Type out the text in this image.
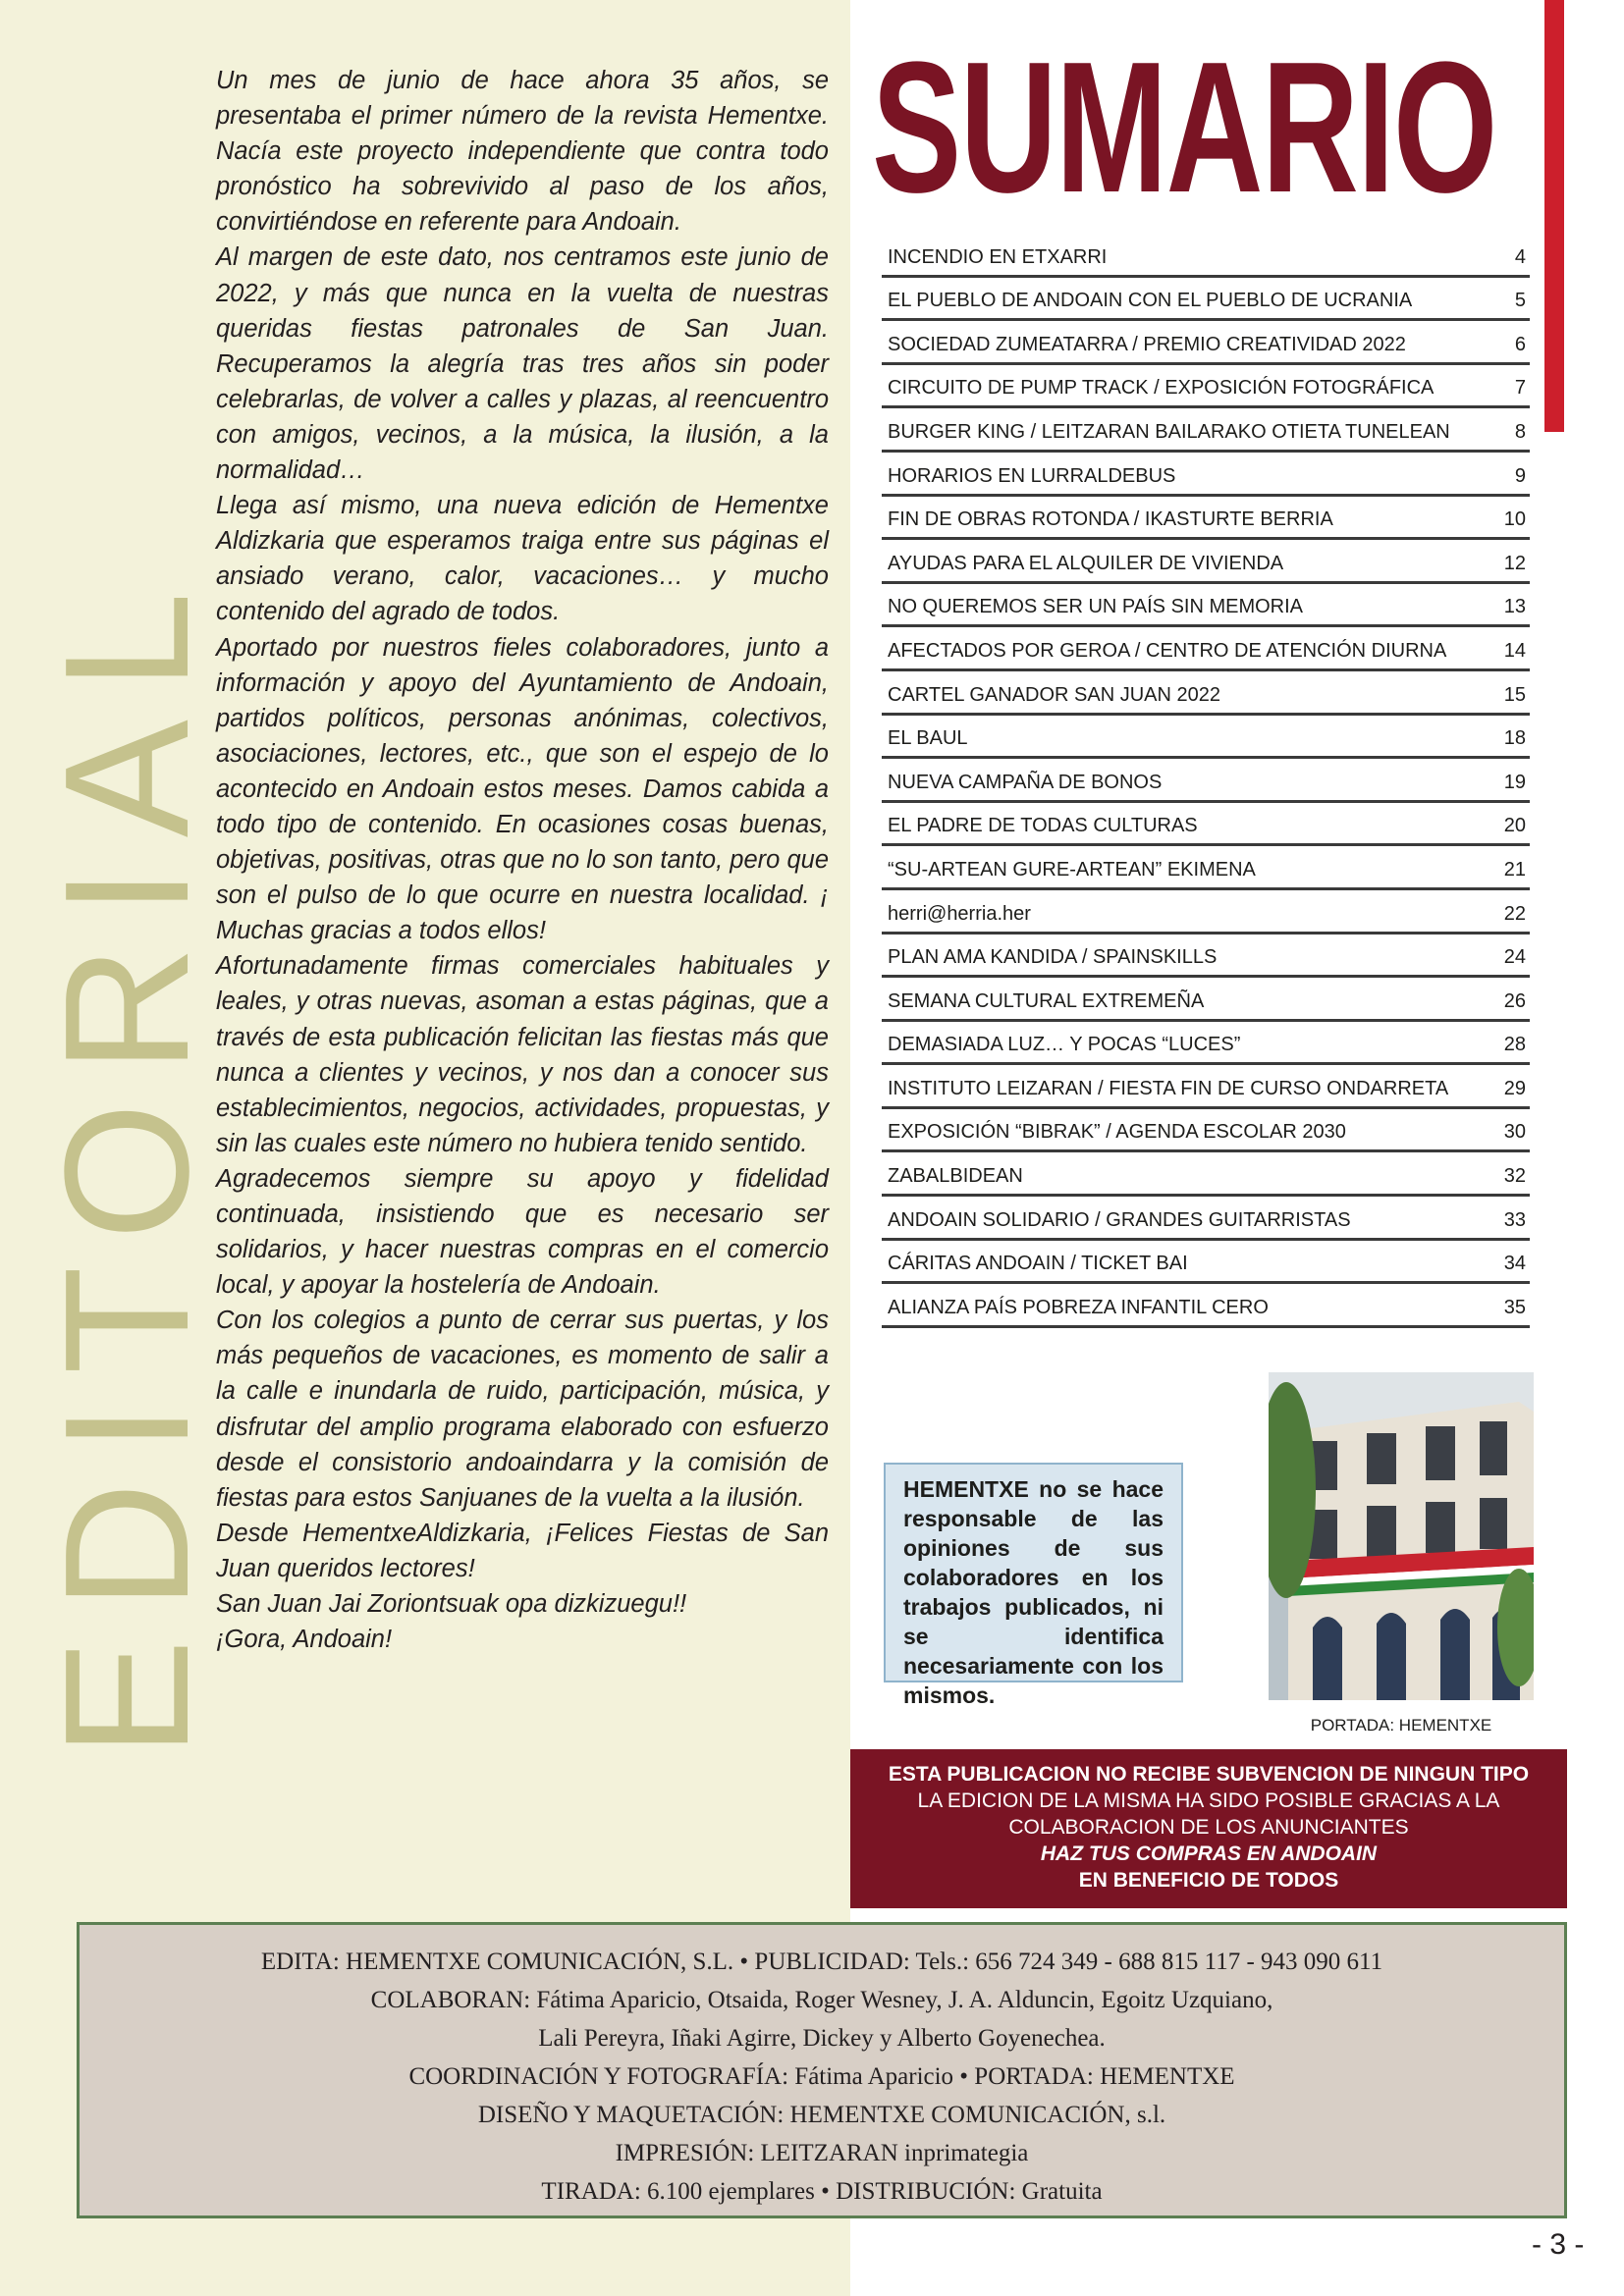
EDITORIAL

Un mes de junio de hace ahora 35 años, se presentaba el primer número de la revista Hementxe. Nacía este proyecto independiente que contra todo pronóstico ha sobrevivido al paso de los años, convirtiéndose en referente para Andoain.

Al margen de este dato, nos centramos este junio de 2022, y más que nunca en la vuelta de nuestras queridas fiestas patronales de San Juan. Recuperamos la alegría tras tres años sin poder celebrarlas, de volver a calles y plazas, al reencuentro con amigos, vecinos, a la música, la ilusión, a la normalidad…

Llega así mismo, una nueva edición de Hementxe Aldizkaria que esperamos traiga entre sus páginas el ansiado verano, calor, vacaciones… y mucho contenido del agrado de todos.

Aportado por nuestros fieles colaboradores, junto a información y apoyo del Ayuntamiento de Andoain, partidos políticos, personas anónimas, colectivos, asociaciones, lectores, etc., que son el espejo de lo acontecido en Andoain estos meses. Damos cabida a todo tipo de contenido. En ocasiones cosas buenas, objetivas, positivas, otras que no lo son tanto, pero que son el pulso de lo que ocurre en nuestra localidad. ¡ Muchas gracias a todos ellos!

Afortunadamente firmas comerciales habituales y leales, y otras nuevas, asoman a estas páginas, que a través de esta publicación felicitan las fiestas más que nunca a clientes y vecinos, y nos dan a conocer sus establecimientos, negocios, actividades, propuestas, y sin las cuales este número no hubiera tenido sentido.

Agradecemos siempre su apoyo y fidelidad continuada, insistiendo que es necesario ser solidarios, y hacer nuestras compras en el comercio local, y apoyar la hostelería de Andoain.

Con los colegios a punto de cerrar sus puertas, y los más pequeños de vacaciones, es momento de salir a la calle e inundarla de ruido, participación, música, y disfrutar del amplio programa elaborado con esfuerzo desde el consistorio andoaindarra y la comisión de fiestas para estos Sanjuanes de la vuelta a la ilusión.

Desde HementxeAldizkaria, ¡Felices Fiestas de San Juan queridos lectores!

San Juan Jai Zoriontsuak opa dizkizuegu!!

¡Gora, Andoain!

SUMARIO
INCENDIO EN ETXARRI	4
EL PUEBLO DE ANDOAIN CON EL PUEBLO DE UCRANIA	5
SOCIEDAD ZUMEATARRA / PREMIO CREATIVIDAD 2022	6
CIRCUITO DE PUMP TRACK / EXPOSICIÓN FOTOGRÁFICA	7
BURGER KING / LEITZARAN BAILARAKO OTIETA TUNELEAN	8
HORARIOS EN LURRALDEBUS	9
FIN DE OBRAS ROTONDA / IKASTURTE BERRIA	10
AYUDAS PARA EL ALQUILER DE VIVIENDA	12
NO QUEREMOS SER UN PAÍS SIN MEMORIA	13
AFECTADOS POR GEROA / CENTRO DE ATENCIÓN DIURNA	14
CARTEL GANADOR SAN JUAN 2022	15
EL BAUL	18
NUEVA CAMPAÑA DE BONOS	19
EL PADRE DE TODAS CULTURAS	20
“SU-ARTEAN GURE-ARTEAN” EKIMENA	21
herri@herria.her	22
PLAN AMA KANDIDA / SPAINSKILLS	24
SEMANA CULTURAL EXTREMEÑA	26
DEMASIADA LUZ… Y POCAS “LUCES”	28
INSTITUTO LEIZARAN / FIESTA FIN DE CURSO ONDARRETA	29
EXPOSICIÓN “BIBRAK” / AGENDA ESCOLAR 2030	30
ZABALBIDEAN	32
ANDOAIN SOLIDARIO / GRANDES GUITARRISTAS	33
CÁRITAS ANDOAIN / TICKET BAI	34
ALIANZA PAÍS POBREZA INFANTIL CERO	35
PORTADA: HEMENTXE
HEMENTXE no se hace responsable de las opiniones de sus colaboradores en los trabajos publicados, ni se identifica necesariamente con los mismos.
ESTA PUBLICACION NO RECIBE SUBVENCION DE NINGUN TIPO
LA EDICION DE LA MISMA HA SIDO POSIBLE GRACIAS A LA
COLABORACION DE LOS ANUNCIANTES
HAZ TUS COMPRAS EN ANDOAIN
EN BENEFICIO DE TODOS
EDITA: HEMENTXE COMUNICACIÓN, S.L. • PUBLICIDAD: Tels.: 656 724 349 - 688 815 117 - 943 090 611
COLABORAN: Fátima Aparicio, Otsaida, Roger Wesney, J. A. Alduncin, Egoitz Uzquiano,
Lali Pereyra, Iñaki Agirre, Dickey y Alberto Goyenechea.
COORDINACIÓN Y FOTOGRAFÍA: Fátima Aparicio • PORTADA: HEMENTXE
DISEÑO Y MAQUETACIÓN: HEMENTXE COMUNICACIÓN, s.l.
IMPRESIÓN: LEITZARAN inprimategia
TIRADA: 6.100 ejemplares • DISTRIBUCIÓN: Gratuita
- 3 -
